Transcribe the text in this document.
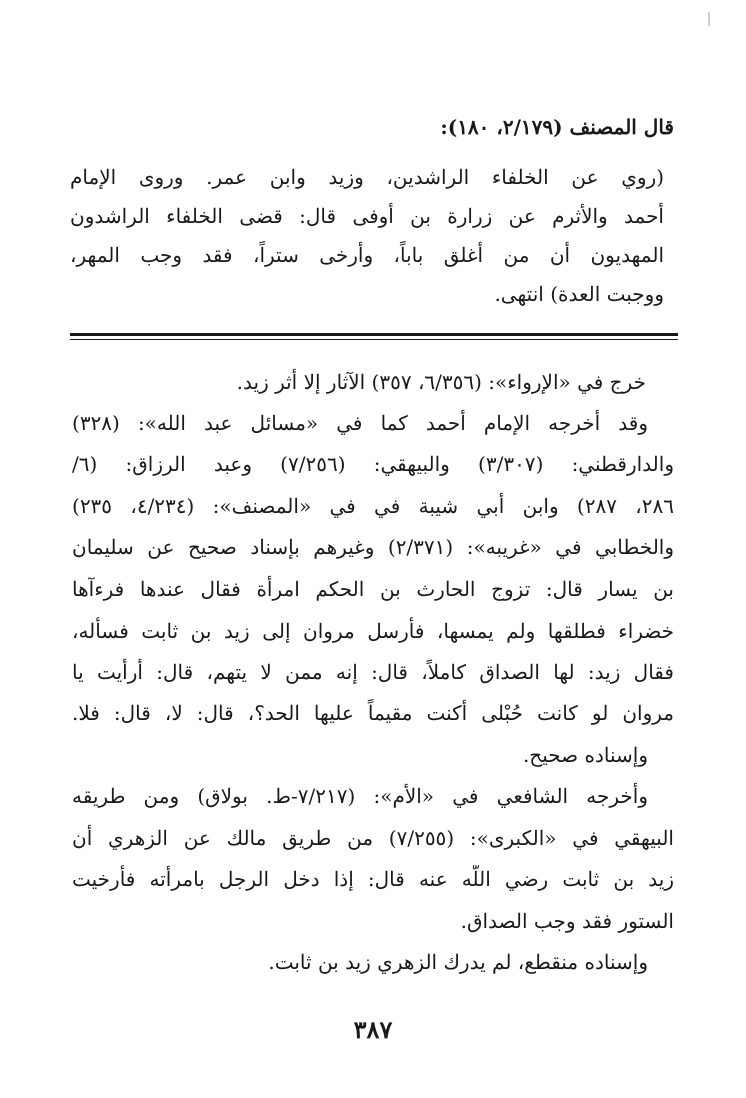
قال المصنف (٢/١٧٩، ١٨٠):
(روي عن الخلفاء الراشدين، وزيد وابن عمر. وروى الإمام
أحمد والأثرم عن زرارة بن أوفى قال: قضى الخلفاء الراشدون
المهديون أن من أغلق باباً، وأرخى ستراً، فقد وجب المهر،
ووجبت العدة) انتهى.
خرج في «الإرواء»: (٦/٣٥٦، ٣٥٧) الآثار إلا أثر زيد.
وقد أخرجه الإمام أحمد كما في «مسائل عبد الله»: (٣٢٨)
والدارقطني: (٣/٣٠٧) والبيهقي: (٧/٢٥٦) وعبد الرزاق: (٦/
٢٨٦، ٢٨٧) وابن أبي شيبة في في «المصنف»: (٤/٢٣٤، ٢٣٥)
والخطابي في «غريبه»: (٢/٣٧١) وغيرهم بإسناد صحيح عن سليمان
بن يسار قال: تزوج الحارث بن الحكم امرأة فقال عندها فرءآها
خضراء فطلقها ولم يمسها، فأرسل مروان إلى زيد بن ثابت فسأله،
فقال زيد: لها الصداق كاملاً، قال: إنه ممن لا يتهم، قال: أرأيت يا
مروان لو كانت حُبْلى أكنت مقيماً عليها الحد؟، قال: لا، قال: فلا.
وإسناده صحيح.
وأخرجه الشافعي في «الأم»: (٧/٢١٧-ط. بولاق) ومن طريقه
البيهقي في «الكبرى»: (٧/٢٥٥) من طريق مالك عن الزهري أن
زيد بن ثابت رضي اللّه عنه قال: إذا دخل الرجل بامرأته فأرخيت
الستور فقد وجب الصداق.
وإسناده منقطع، لم يدرك الزهري زيد بن ثابت.
٣٨٧
